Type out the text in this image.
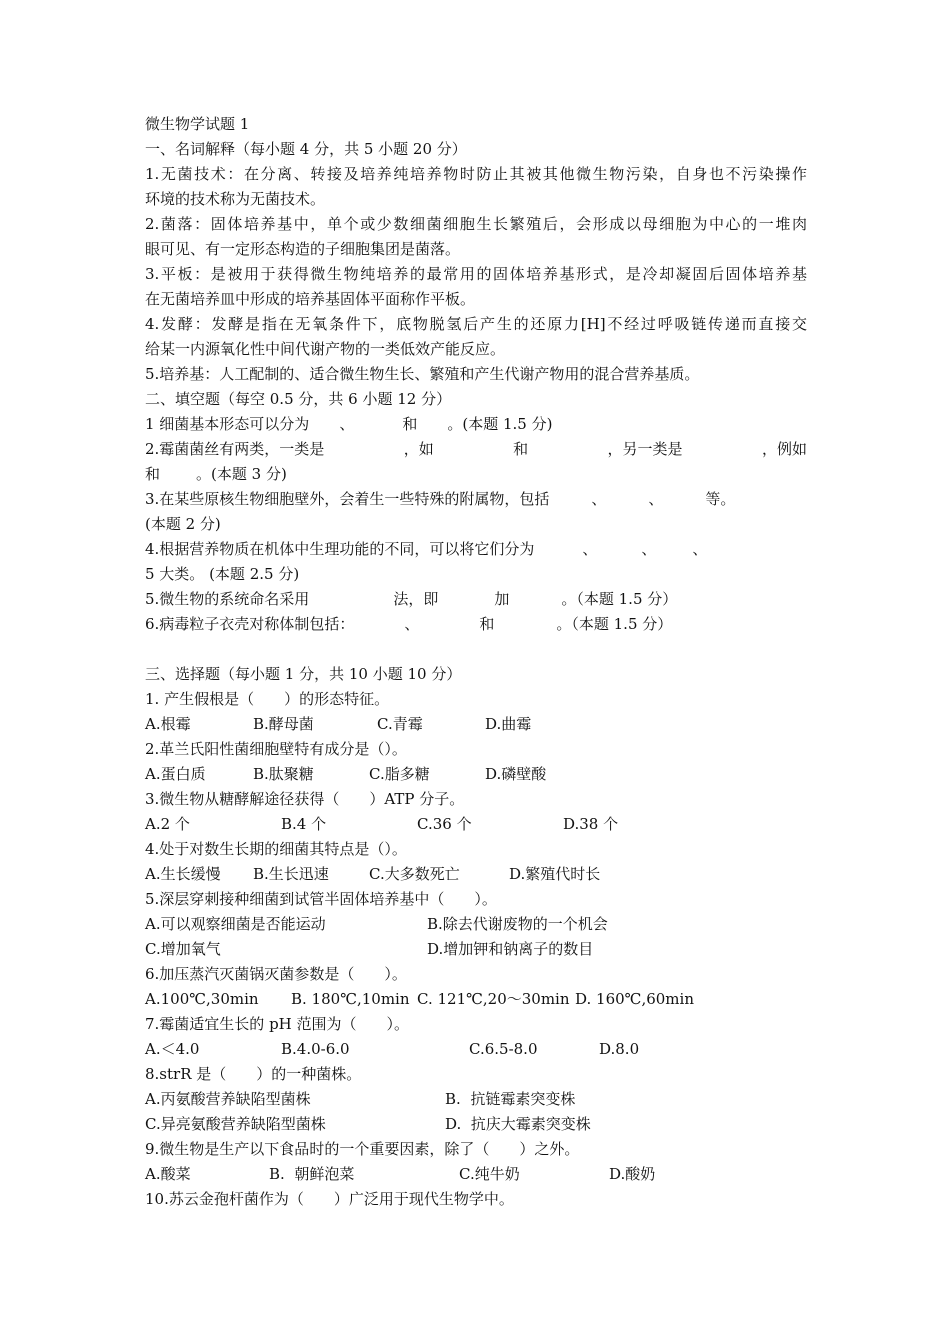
微生物学试题 1
一、名词解释（每小题 4 分，共 5 小题 20 分）
1.无菌技术：在分离、转接及培养纯培养物时防止其被其他微生物污染，自身也不污染操作
环境的技术称为无菌技术。
2.菌落：固体培养基中，单个或少数细菌细胞生长繁殖后，会形成以母细胞为中心的一堆肉
眼可见、有一定形态构造的子细胞集团是菌落。
3.平板：是被用于获得微生物纯培养的最常用的固体培养基形式，是冷却凝固后固体培养基
在无菌培养皿中形成的培养基固体平面称作平板。
4.发酵：发酵是指在无氧条件下，底物脱氢后产生的还原力[H]不经过呼吸链传递而直接交
给某一内源氧化性中间代谢产物的一类低效产能反应。
5.培养基：人工配制的、适合微生物生长、繁殖和产生代谢产物用的混合营养基质。
二、填空题（每空 0.5 分，共 6 小题 12 分）
1 细菌基本形态可以分为 、	和 。(本题 1.5 分)
2.霉菌菌丝有两类，一类是	，如	和	，另一类是	，例如
和 。(本题 3 分)
3.在某些原核生物细胞壁外，会着生一些特殊的附属物，包括	、	、	等。
(本题 2 分)
4.根据营养物质在机体中生理功能的不同，可以将它们分为	、	、 、
5 大类。 (本题 2.5 分)
5.微生物的系统命名采用	法，即	加	。（本题 1.5 分）
6.病毒粒子衣壳对称体制包括：	、	和	。（本题 1.5 分）
三、选择题（每小题 1 分，共 10 小题 10 分）
1. 产生假根是（　　）的形态特征。
A.根霉	B.酵母菌	C.青霉	D.曲霉
2.革兰氏阳性菌细胞壁特有成分是（）。
A.蛋白质	B.肽聚糖	C.脂多糖	D.磷壁酸
3.微生物从糖酵解途径获得（　　）ATP 分子。
A.2 个	B.4 个	C.36 个	D.38 个
4.处于对数生长期的细菌其特点是（）。
A.生长缓慢	B.生长迅速	C.大多数死亡	D.繁殖代时长
5.深层穿刺接种细菌到试管半固体培养基中（　　）。
A.可以观察细菌是否能运动	B.除去代谢废物的一个机会
C.增加氧气	D.增加钾和钠离子的数目
6.加压蒸汽灭菌锅灭菌参数是（　　）。
A.100℃,30min	B. 180℃,10min C. 121℃,20～30min D. 160℃,60min
7.霉菌适宜生长的 pH 范围为（　　）。
A.＜4.0	B.4.0-6.0	C.6.5-8.0	D.8.0
8.strR 是（　　）的一种菌株。
A.丙氨酸营养缺陷型菌株	B.  抗链霉素突变株
C.异亮氨酸营养缺陷型菌株	D.  抗庆大霉素突变株
9.微生物是生产以下食品时的一个重要因素，除了（　　）之外。
A.酸菜	B.  朝鲜泡菜	C.纯牛奶	D.酸奶
10.苏云金孢杆菌作为（　　）广泛用于现代生物学中。
